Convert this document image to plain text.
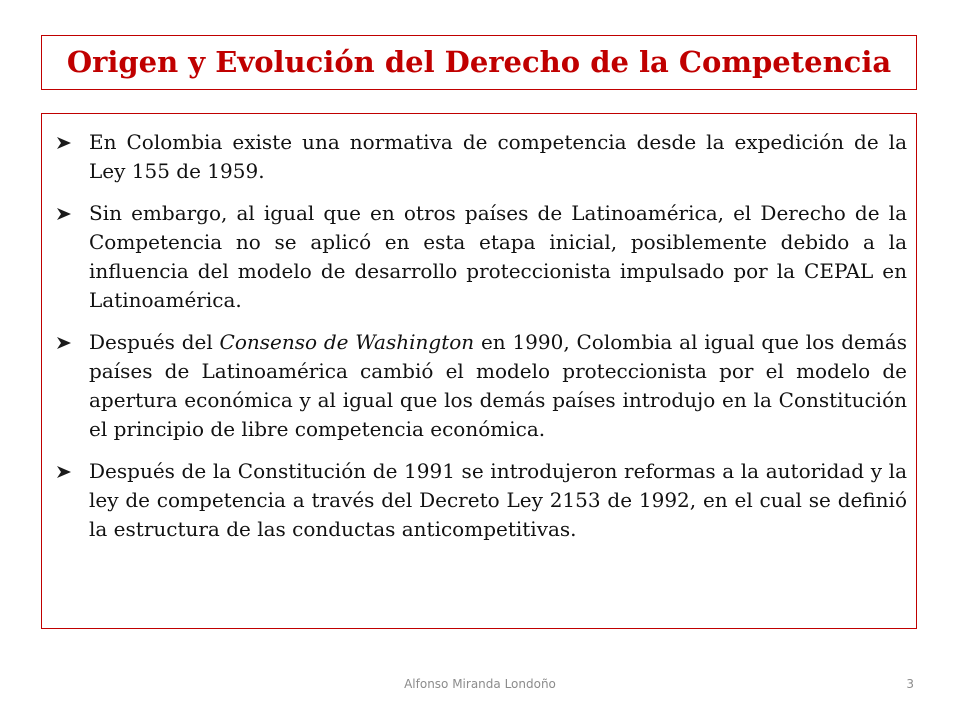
Origen y Evolución del Derecho de la Competencia
En Colombia existe una normativa de competencia desde la expedición de la Ley 155 de 1959.
Sin embargo, al igual que en otros países de Latinoamérica, el Derecho de la Competencia no se aplicó en esta etapa inicial, posiblemente debido a la influencia del modelo de desarrollo proteccionista impulsado por la CEPAL en Latinoamérica.
Después del Consenso de Washington en 1990, Colombia al igual que los demás países de Latinoamérica cambió el modelo proteccionista por el modelo de apertura económica y al igual que los demás países introdujo en la Constitución el principio de libre competencia económica.
Después de la Constitución de 1991 se introdujeron reformas a la autoridad y la ley de competencia a través del Decreto Ley 2153 de 1992, en el cual se definió la estructura de las conductas anticompetitivas.
Alfonso Miranda Londoño	3
